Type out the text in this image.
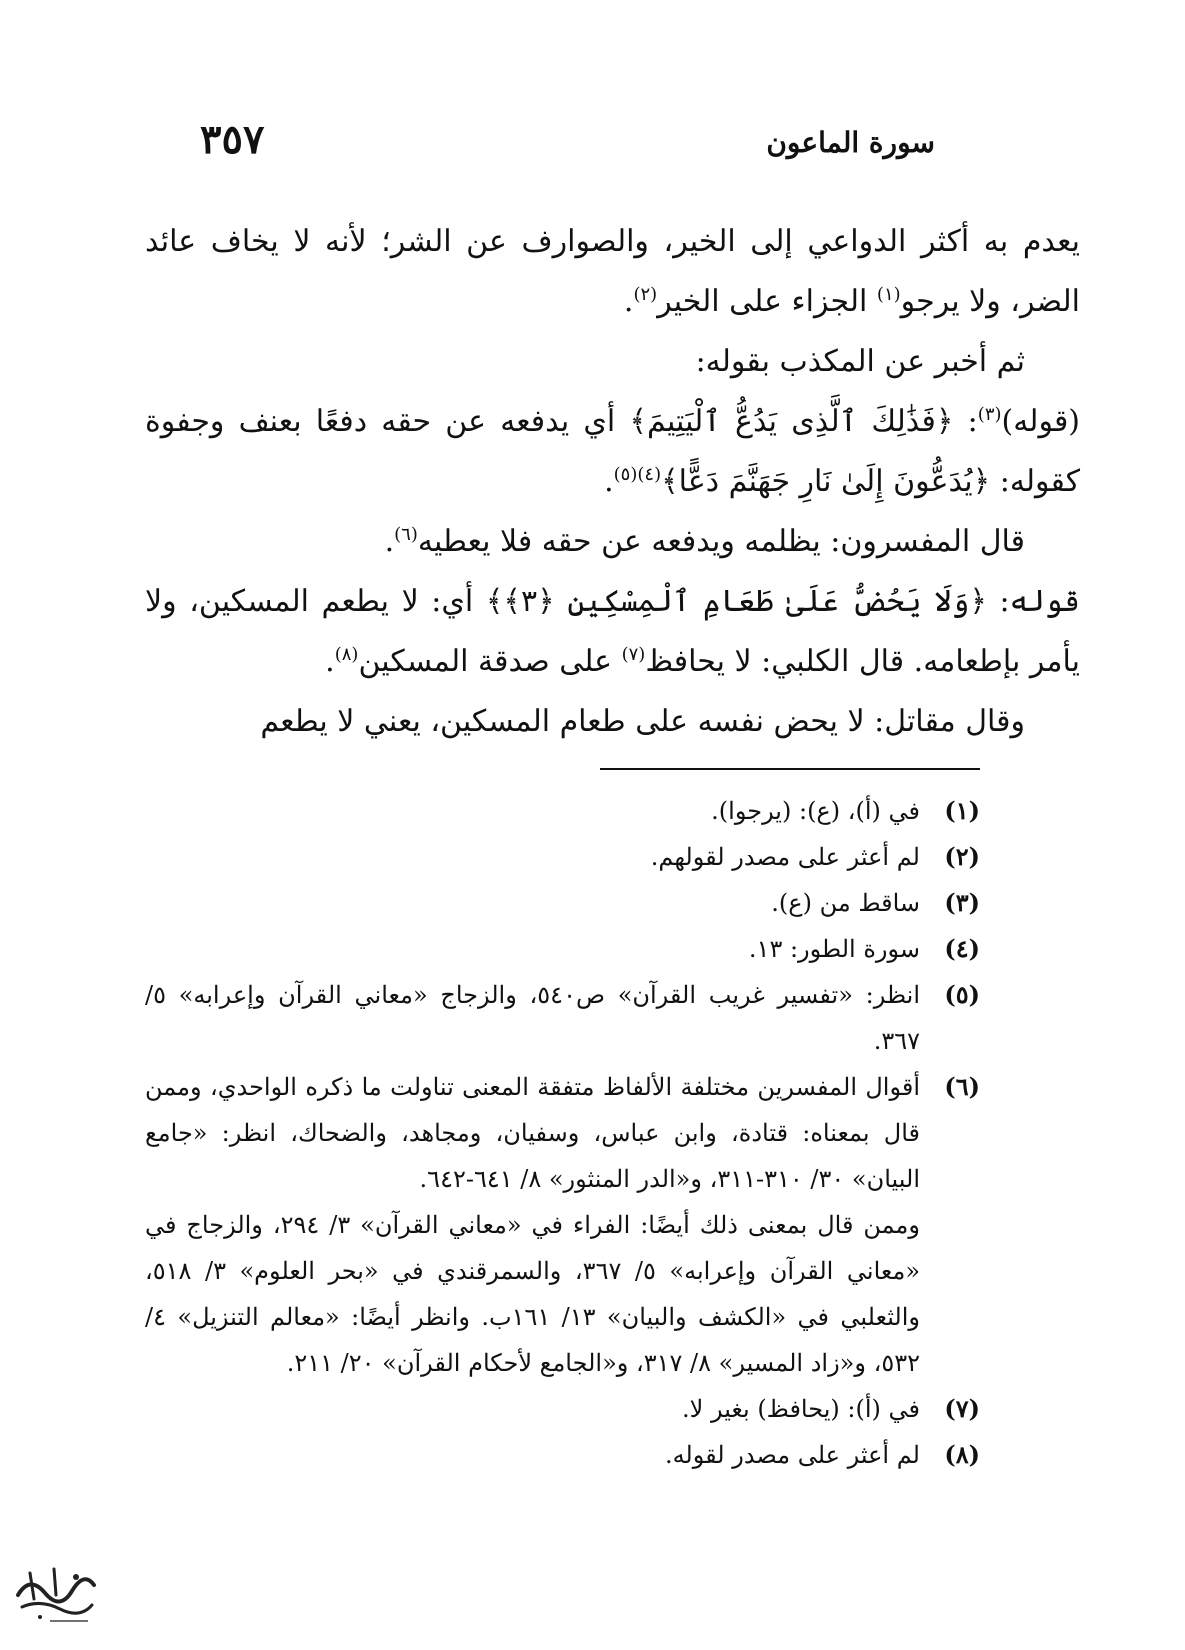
سورة الماعون
٣٥٧

يعدم به أكثر الدواعي إلى الخير، والصوارف عن الشر؛ لأنه لا يخاف عائد الضر، ولا يرجو$^{(١)}$ الجزاء على الخير$^{(٢)}$.

ثم أخبر عن المكذب بقوله:

(قوله)$^{(٣)}$: ﴿فَذَٰلِكَ ٱلَّذِى يَدُعُّ ٱلْيَتِيمَ﴾ أي يدفعه عن حقه دفعًا بعنف وجفوة كقوله: ﴿يُدَعُّونَ إِلَىٰ نَارِ جَهَنَّمَ دَعًّا﴾$^{(٤)(٥)}$.

قال المفسرون: يظلمه ويدفعه عن حقه فلا يعطيه$^{(٦)}$.

قوله: ﴿وَلَا يَحُضُّ عَلَىٰ طَعَامِ ٱلْمِسْكِينِ ﴿٣﴾﴾ أي: لا يطعم المسكين، ولا يأمر بإطعامه. قال الكلبي: لا يحافظ$^{(٧)}$ على صدقة المسكين$^{(٨)}$.

وقال مقاتل: لا يحض نفسه على طعام المسكين، يعني لا يطعم

(١)
في (أ)، (ع): (يرجوا).
(٢)
لم أعثر على مصدر لقولهم.
(٣)
ساقط من (ع).
(٤)
سورة الطور: ١٣.
(٥)
انظر: «تفسير غريب القرآن» ص٥٤٠، والزجاج «معاني القرآن وإعرابه» ٥/ ٣٦٧.
(٦)
أقوال المفسرين مختلفة الألفاظ متفقة المعنى تناولت ما ذكره الواحدي، وممن قال بمعناه: قتادة، وابن عباس، وسفيان، ومجاهد، والضحاك، انظر: «جامع البيان» ٣٠/ ٣١٠-٣١١، و«الدر المنثور» ٨/ ٦٤١-٦٤٢.
وممن قال بمعنى ذلك أيضًا: الفراء في «معاني القرآن» ٣/ ٢٩٤، والزجاج في «معاني القرآن وإعرابه» ٥/ ٣٦٧، والسمرقندي في «بحر العلوم» ٣/ ٥١٨، والثعلبي في «الكشف والبيان» ١٣/ ١٦١ب. وانظر أيضًا: «معالم التنزيل» ٤/ ٥٣٢، و«زاد المسير» ٨/ ٣١٧، و«الجامع لأحكام القرآن» ٢٠/ ٢١١.
(٧)
في (أ): (يحافظ) بغير لا.
(٨)
لم أعثر على مصدر لقوله.
